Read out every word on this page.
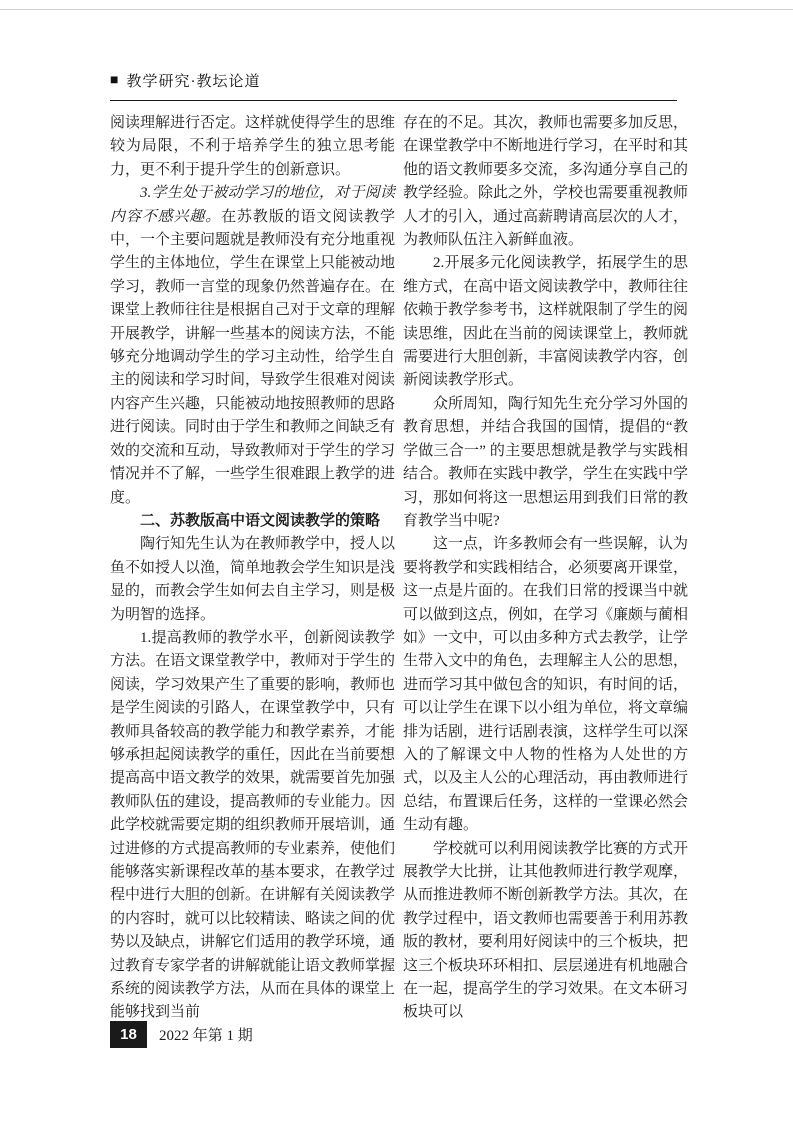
■ 教学研究·教坛论道

阅读理解进行否定。这样就使得学生的思维较为局限，不利于培养学生的独立思考能力，更不利于提升学生的创新意识。

3.学生处于被动学习的地位，对于阅读内容不感兴趣。在苏教版的语文阅读教学中，一个主要问题就是教师没有充分地重视学生的主体地位，学生在课堂上只能被动地学习，教师一言堂的现象仍然普遍存在。在课堂上教师往往是根据自己对于文章的理解开展教学，讲解一些基本的阅读方法，不能够充分地调动学生的学习主动性，给学生自主的阅读和学习时间，导致学生很难对阅读内容产生兴趣，只能被动地按照教师的思路进行阅读。同时由于学生和教师之间缺乏有效的交流和互动，导致教师对于学生的学习情况并不了解，一些学生很难跟上教学的进度。

二、苏教版高中语文阅读教学的策略

陶行知先生认为在教师教学中，授人以鱼不如授人以渔，简单地教会学生知识是浅显的，而教会学生如何去自主学习，则是极为明智的选择。

1.提高教师的教学水平，创新阅读教学方法。在语文课堂教学中，教师对于学生的阅读，学习效果产生了重要的影响，教师也是学生阅读的引路人，在课堂教学中，只有教师具备较高的教学能力和教学素养，才能够承担起阅读教学的重任，因此在当前要想提高高中语文教学的效果，就需要首先加强教师队伍的建设，提高教师的专业能力。因此学校就需要定期的组织教师开展培训，通过进修的方式提高教师的专业素养，使他们能够落实新课程改革的基本要求，在教学过程中进行大胆的创新。在讲解有关阅读教学的内容时，就可以比较精读、略读之间的优势以及缺点，讲解它们适用的教学环境，通过教育专家学者的讲解就能让语文教师掌握系统的阅读教学方法，从而在具体的课堂上能够找到当前

存在的不足。其次，教师也需要多加反思，在课堂教学中不断地进行学习，在平时和其他的语文教师要多交流，多沟通分享自己的教学经验。除此之外，学校也需要重视教师人才的引入，通过高薪聘请高层次的人才，为教师队伍注入新鲜血液。

2.开展多元化阅读教学，拓展学生的思维方式，在高中语文阅读教学中，教师往往依赖于教学参考书，这样就限制了学生的阅读思维，因此在当前的阅读课堂上，教师就需要进行大胆创新，丰富阅读教学内容，创新阅读教学形式。

众所周知，陶行知先生充分学习外国的教育思想，并结合我国的国情，提倡的“教学做三合一” 的主要思想就是教学与实践相结合。教师在实践中教学，学生在实践中学习，那如何将这一思想运用到我们日常的教育教学当中呢?

这一点，许多教师会有一些误解，认为要将教学和实践相结合，必须要离开课堂，这一点是片面的。在我们日常的授课当中就可以做到这点，例如，在学习《廉颇与蔺相如》一文中，可以由多种方式去教学，让学生带入文中的角色，去理解主人公的思想，进而学习其中做包含的知识，有时间的话，可以让学生在课下以小组为单位，将文章编排为话剧，进行话剧表演，这样学生可以深入的了解课文中人物的性格为人处世的方式，以及主人公的心理活动，再由教师进行总结，布置课后任务，这样的一堂课必然会生动有趣。

学校就可以利用阅读教学比赛的方式开展教学大比拼，让其他教师进行教学观摩，从而推进教师不断创新教学方法。其次，在教学过程中，语文教师也需要善于利用苏教版的教材，要利用好阅读中的三个板块，把这三个板块环环相扣、层层递进有机地融合在一起，提高学生的学习效果。在文本研习板块可以

18	2022 年第 1 期
